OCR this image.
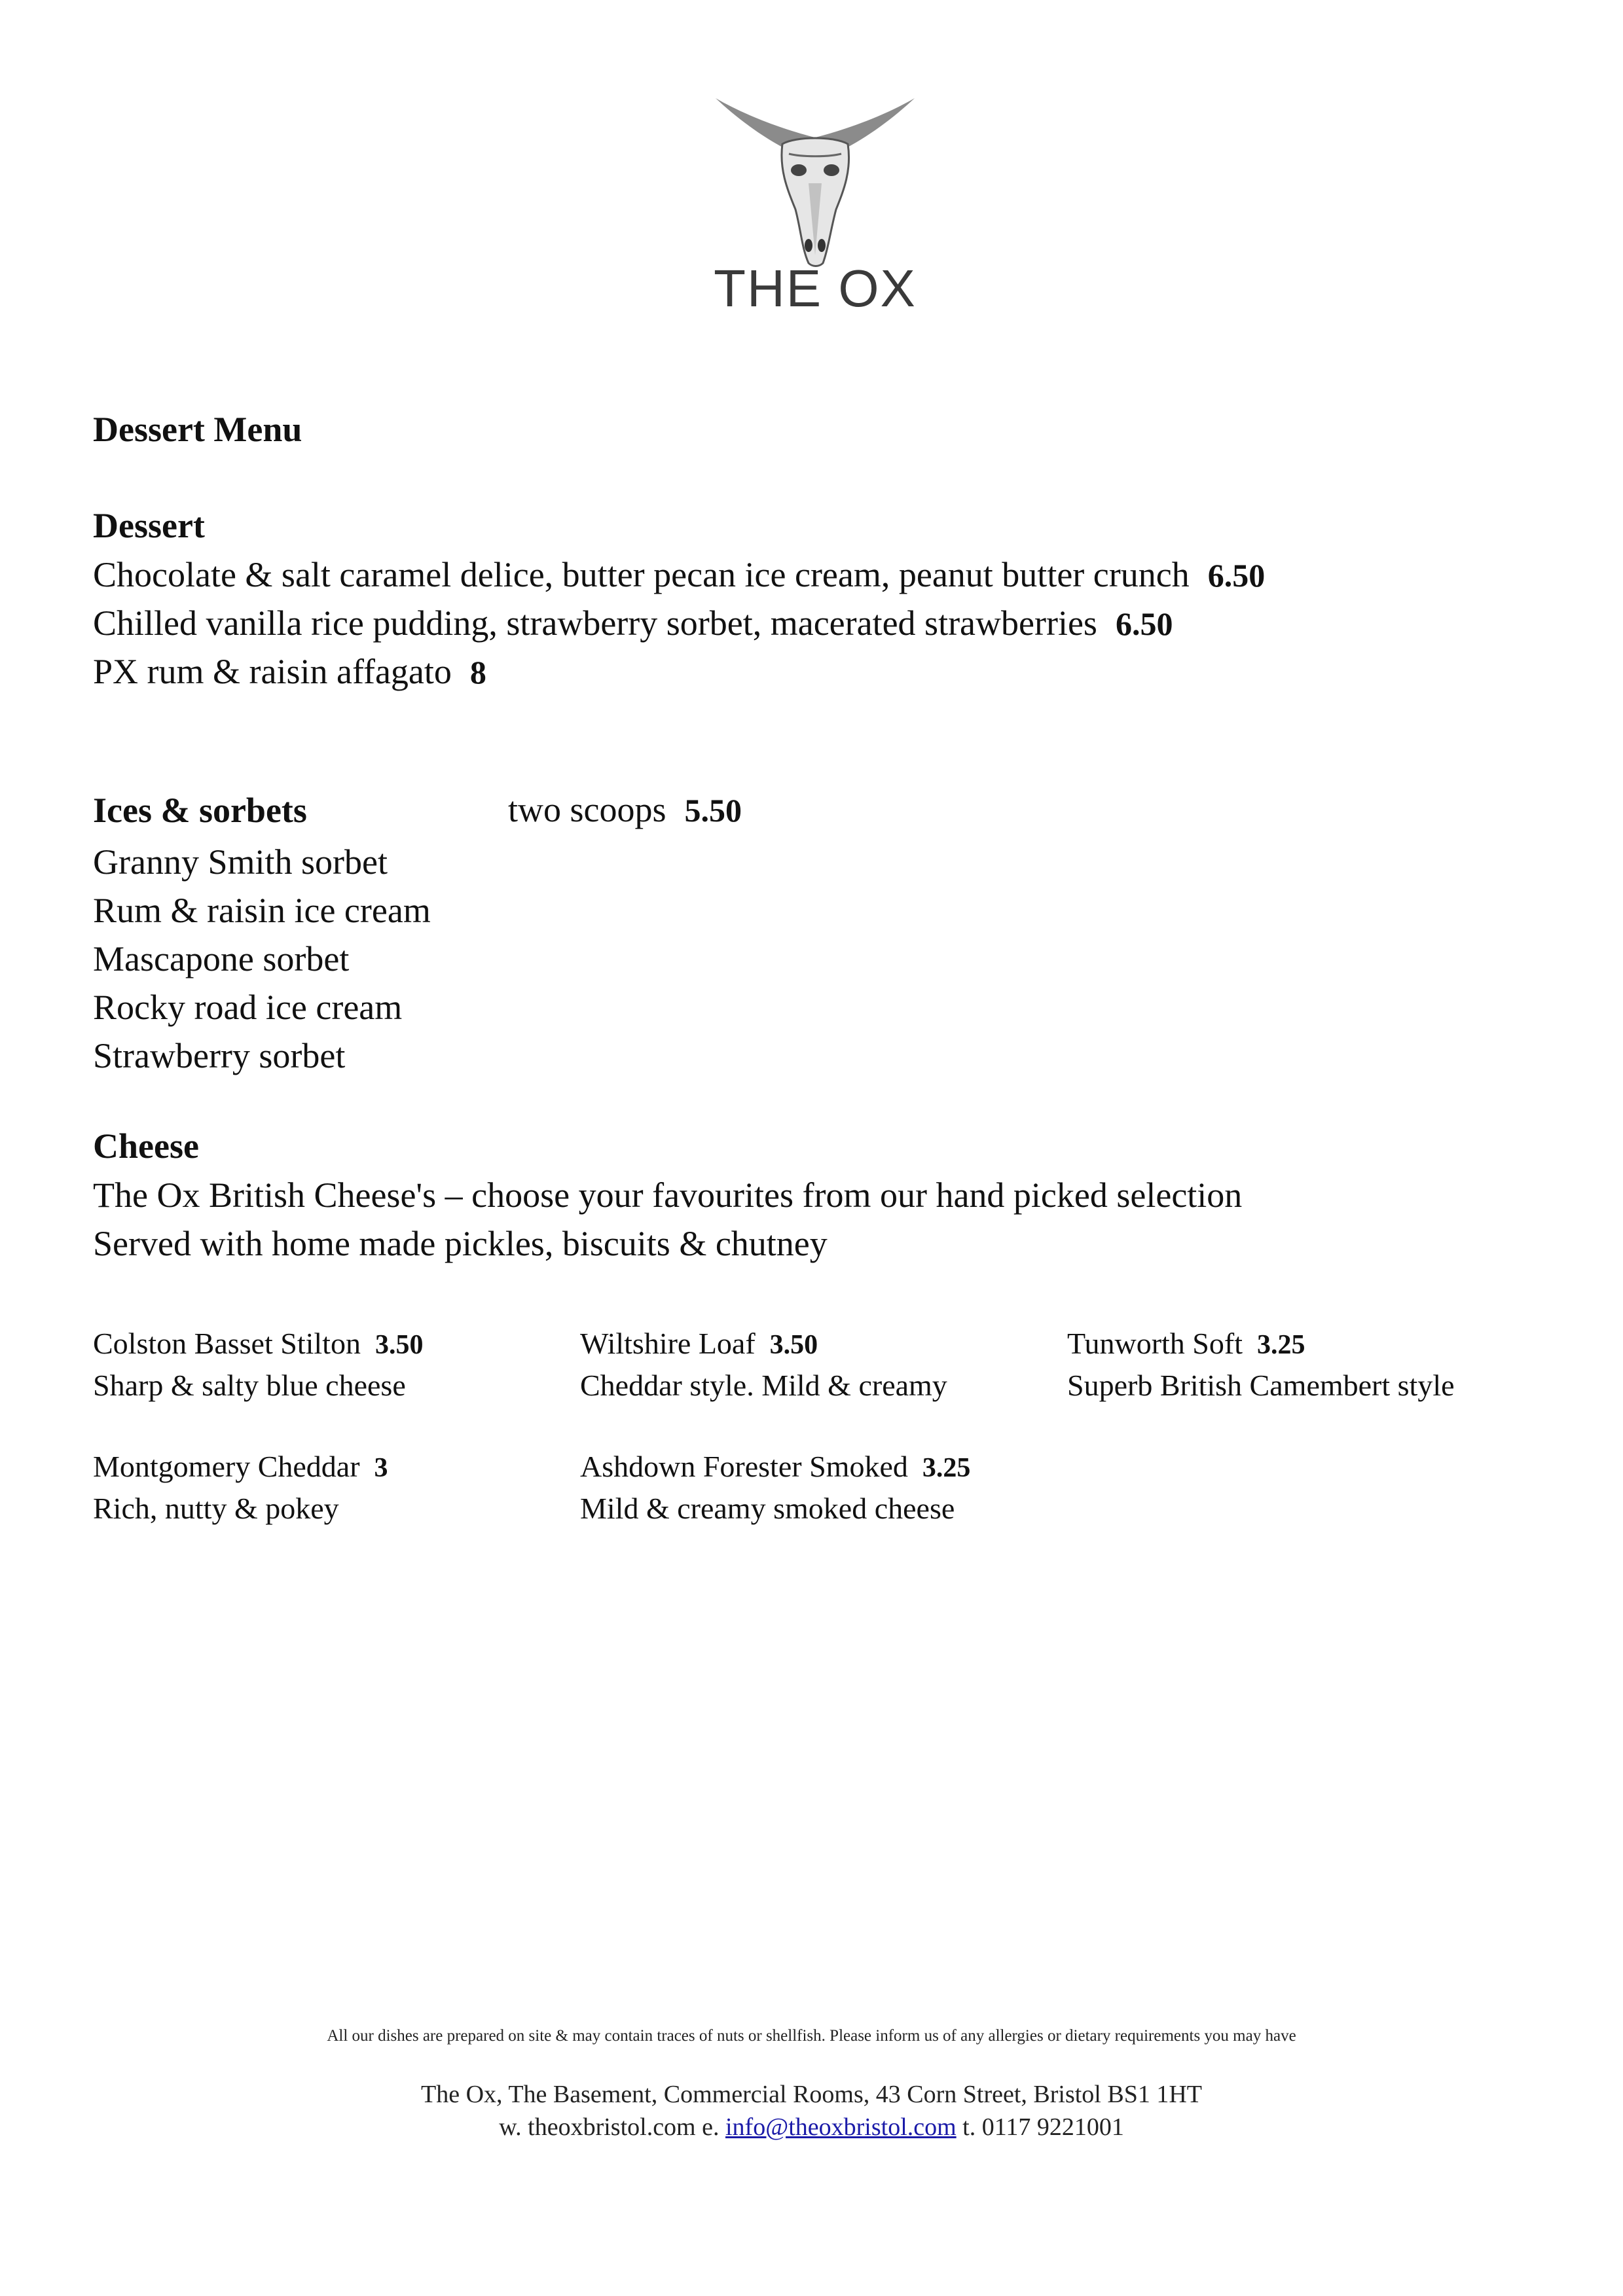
THE OX
Dessert Menu
Dessert
Chocolate & salt caramel delice, butter pecan ice cream, peanut butter crunch 6.50
Chilled vanilla rice pudding, strawberry sorbet, macerated strawberries 6.50
PX rum & raisin affagato 8
Ices & sorbets	two scoops 5.50
Granny Smith sorbet
Rum & raisin ice cream
Mascapone sorbet
Rocky road ice cream
Strawberry sorbet
Cheese
The Ox British Cheese's – choose your favourites from our hand picked selection
Served with home made pickles, biscuits & chutney
Colston Basset Stilton 3.50
Sharp & salty blue cheese
Wiltshire Loaf 3.50
Cheddar style. Mild & creamy
Tunworth Soft 3.25
Superb British Camembert style
Montgomery Cheddar 3
Rich, nutty & pokey
Ashdown Forester Smoked 3.25
Mild & creamy smoked cheese
All our dishes are prepared on site & may contain traces of nuts or shellfish. Please inform us of any allergies or dietary requirements you may have
The Ox, The Basement, Commercial Rooms, 43 Corn Street, Bristol BS1 1HT
w. theoxbristol.com e. info@theoxbristol.com t. 0117 9221001
